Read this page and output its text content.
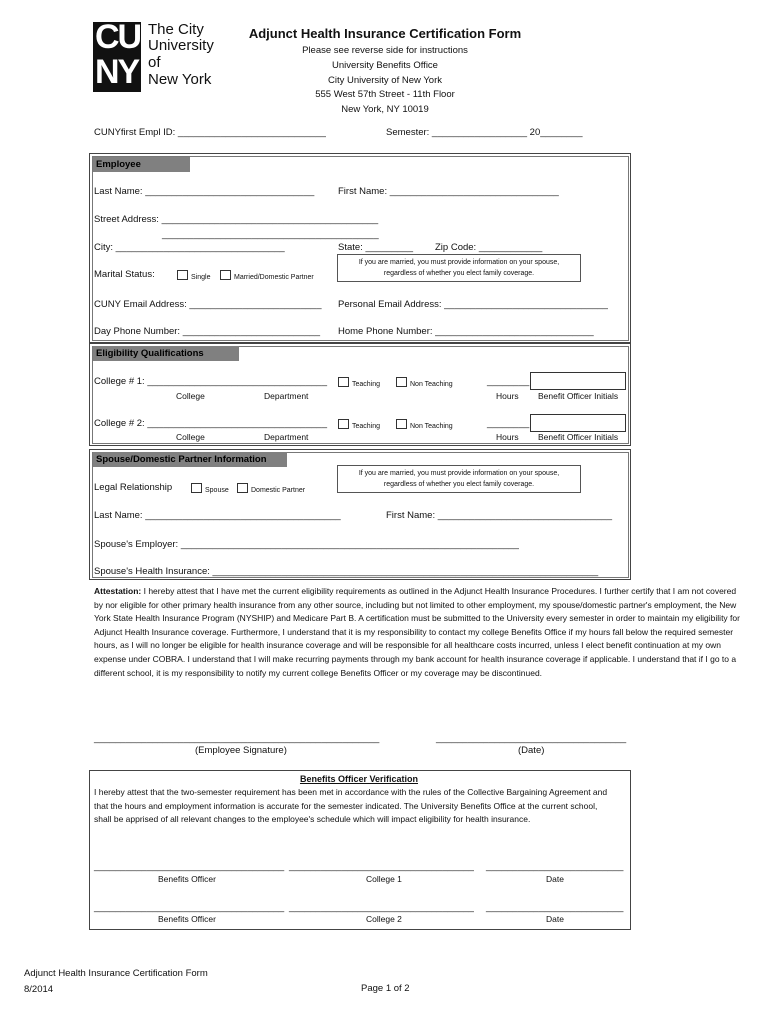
CU
NY
The City
University
of
New York
Adjunct Health Insurance Certification Form
Please see reverse side for instructions
University Benefits Office
City University of New York
555 West 57th Street - 11th Floor
New York, NY 10019
CUNYfirst Empl ID: ____________________________	Semester: __________________ 20________
Employee
Last Name: ________________________________ First Name: ________________________________
Street Address: _________________________________________
_________________________________________
City: ________________________________	State: _________ Zip Code: ____________
Marital Status:	Single	Married/Domestic Partner
If you are married, you must provide information on your spouse,
regardless of whether you elect family coverage.
CUNY Email Address: _________________________ Personal Email Address: _______________________________
Day Phone Number: __________________________ Home Phone Number: ______________________________
Eligibility Qualifications
College # 1: __________________________________	Teaching	Non Teaching	________
College	Department	Hours Benefit Officer Initials
College # 2: __________________________________	Teaching	Non Teaching	________
College	Department	Hours Benefit Officer Initials
Spouse/Domestic Partner Information
If you are married, you must provide information on your spouse,
regardless of whether you elect family coverage.
Legal Relationship	Spouse	Domestic Partner
Last Name: _____________________________________	First Name: _________________________________
Spouse's Employer: ________________________________________________________________
Spouse's Health Insurance: _________________________________________________________________________
Attestation: I hereby attest that I have met the current eligibility requirements as outlined in the Adjunct Health Insurance Procedures. I further certify that I am not covered by nor eligible for other primary health insurance from any other source, including but not limited to other employment, my spouse/domestic partner's employment, the New York State Health Insurance Program (NYSHIP) and Medicare Part B. A certification must be submitted to the University every semester in order to maintain my eligibility for Adjunct Health Insurance coverage. Furthermore, I understand that it is my responsibility to contact my college Benefits Office if my hours fall below the required semester hours, as I will no longer be eligible for health insurance coverage and will be responsible for all healthcare costs incurred, unless I elect benefit continuation at my own expense under COBRA. I understand that I will make recurring payments through my bank account for health insurance coverage if applicable. I understand that if I go to a different school, it is my responsibility to notify my current college Benefits Officer or my coverage may be discontinued.
______________________________________________________	____________________________________
(Employee Signature)	(Date)
Benefits Officer Verification
I hereby attest that the two-semester requirement has been met in accordance with the rules of the Collective Bargaining Agreement and that the hours and employment information is accurate for the semester indicated. The University Benefits Office at the current school, shall be apprised of all relevant changes to the employee's schedule which will impact eligibility for health insurance.
____________________________________ ___________________________________ __________________________
Benefits Officer	College 1	Date
____________________________________ ___________________________________ __________________________
Benefits Officer	College 2	Date
Adjunct Health Insurance Certification Form
8/2014	Page 1 of 2
